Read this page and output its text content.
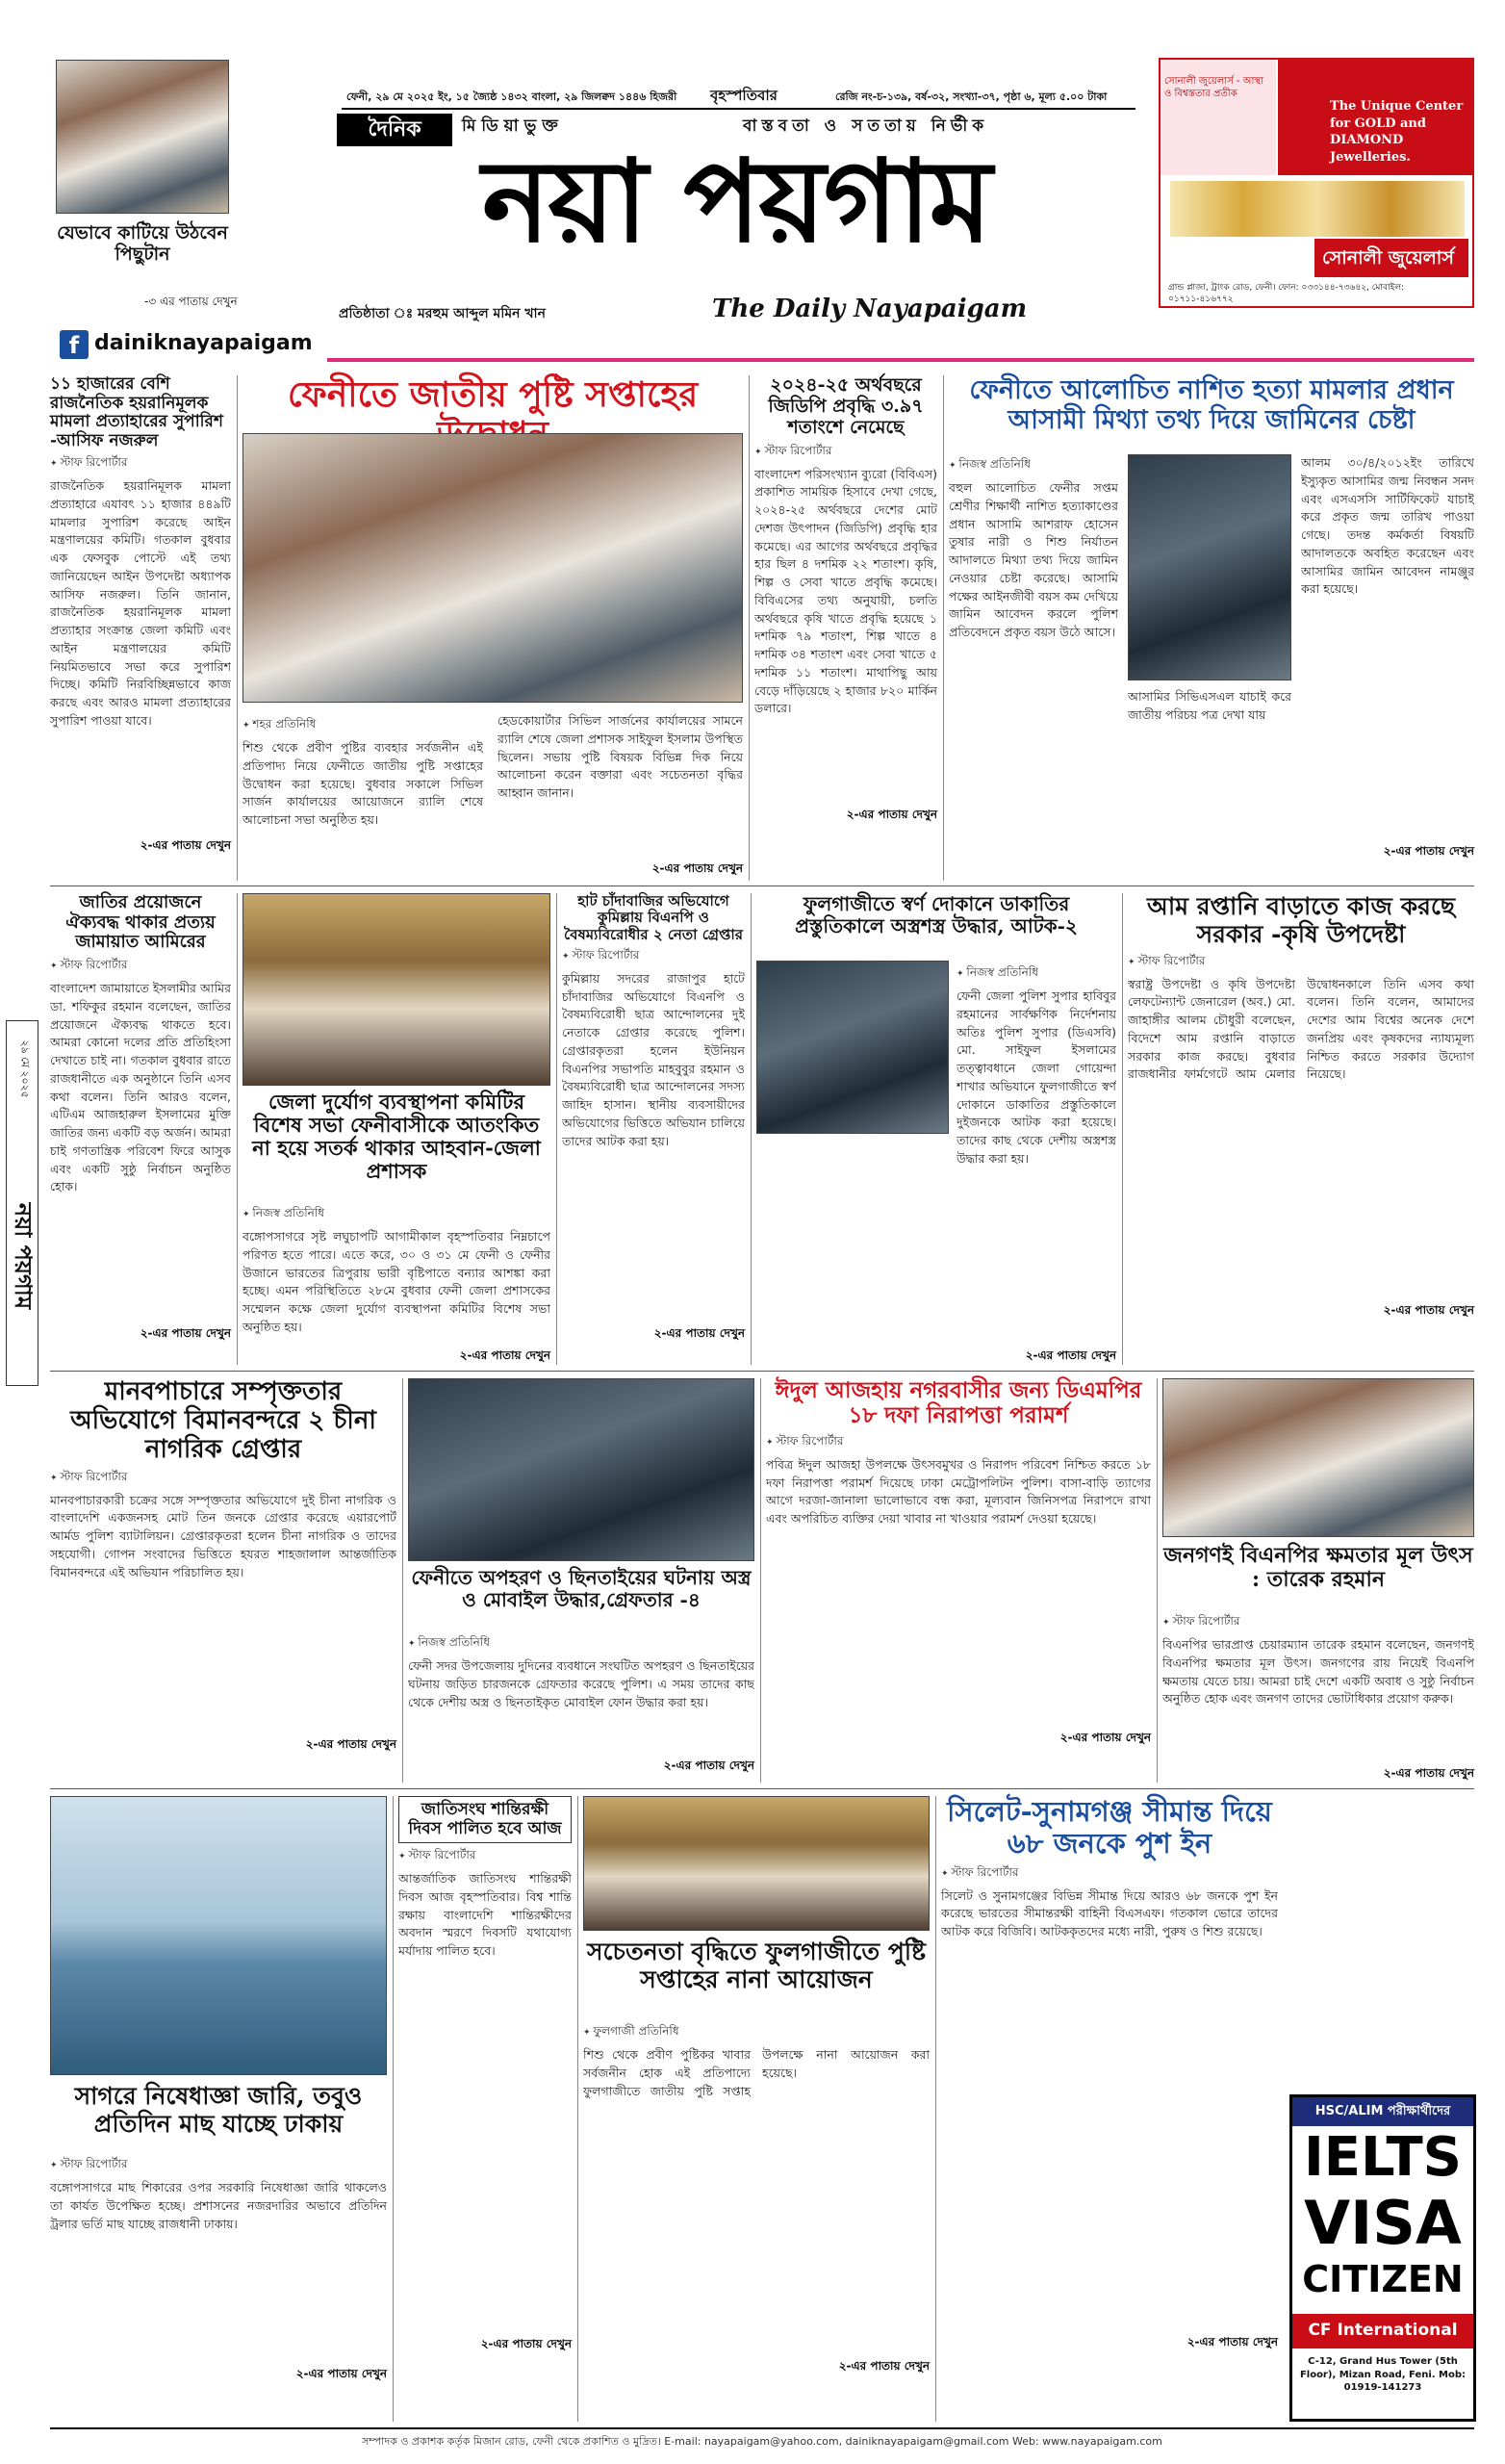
যেভাবে কাটিয়ে উঠবেন পিছুটান
-৩ এর পাতায় দেখুন
ফেনী, ২৯ মে ২০২৫ ইং, ১৫ জ্যৈষ্ঠ ১৪৩২ বাংলা, ২৯ জিলক্বদ ১৪৪৬ হিজরী বৃহস্পতিবার	রেজি নং-চ-১৩৯, বর্ষ-৩২, সংখ্যা-৩৭, পৃষ্ঠা ৬, মূল্য ৫.০০ টাকা
দৈনিক	মিডিয়াভুক্ত	বাস্তবতা ও সততায় নির্ভীক
নয়া পয়গাম
প্রতিষ্ঠাতা ঃ মরহুম আব্দুল মমিন খান	The Daily Nayapaigam
সোনালী জুয়েলার্স - আস্থা ও বিশ্বস্ততার প্রতীক
The Unique Center for GOLD and DIAMOND Jewelleries.
সোনালী জুয়েলার্স
গ্রান্ড প্লাজা, ট্রাংক রোড, ফেনী। ফোন: ০৩৩১৪৪-৭৩৬৪২, মোবাইল: ০১৭১১-৪১৬৭৭২
f dainiknayapaigam
২৯ মে ২০২৫
নয়া পয়গাম
১১ হাজারের বেশি রাজনৈতিক হয়রানিমূলক মামলা প্রত্যাহারের সুপারিশ -আসিফ নজরুল
✦ স্টাফ রিপোর্টার
রাজনৈতিক হয়রানিমূলক মামলা প্রত্যাহারে এযাবৎ ১১ হাজার ৪৪৯টি মামলার সুপারিশ করেছে আইন মন্ত্রণালয়ের কমিটি। গতকাল বুধবার এক ফেসবুক পোস্টে এই তথ্য জানিয়েছেন আইন উপদেষ্টা অধ্যাপক আসিফ নজরুল। তিনি জানান, রাজনৈতিক হয়রানিমূলক মামলা প্রত্যাহার সংক্রান্ত জেলা কমিটি এবং আইন মন্ত্রণালয়ের কমিটি নিয়মিতভাবে সভা করে সুপারিশ দিচ্ছে। কমিটি নিরবিচ্ছিন্নভাবে কাজ করছে এবং আরও মামলা প্রত্যাহারের সুপারিশ পাওয়া যাবে।
২-এর পাতায় দেখুন
ফেনীতে জাতীয় পুষ্টি সপ্তাহের
✦ শহর প্রতিনিধি
শিশু থেকে প্রবীণ পুষ্টির ব্যবহার সর্বজনীন এই প্রতিপাদ্য নিয়ে ফেনীতে জাতীয় পুষ্টি সপ্তাহের উদ্বোধন করা হয়েছে। বুধবার সকালে সিভিল সার্জন কার্যালয়ের আয়োজনে র‍্যালি শেষে আলোচনা সভা অনুষ্ঠিত হয়।
হেডকোয়ার্টার সিভিল সার্জনের কার্যালয়ের সামনে র‍্যালি শেষে জেলা প্রশাসক সাইফুল ইসলাম উপস্থিত ছিলেন। সভায় পুষ্টি বিষয়ক বিভিন্ন দিক নিয়ে আলোচনা করেন বক্তারা এবং সচেতনতা বৃদ্ধির আহ্বান জানান।
২-এর পাতায় দেখুন
২০২৪-২৫ অর্থবছরে জিডিপি প্রবৃদ্ধি ৩.৯৭ শতাংশে নেমেছে
✦ স্টাফ রিপোর্টার
বাংলাদেশ পরিসংখ্যান ব্যুরো (বিবিএস) প্রকাশিত সাময়িক হিসাবে দেখা গেছে, ২০২৪-২৫ অর্থবছরে দেশের মোট দেশজ উৎপাদন (জিডিপি) প্রবৃদ্ধি হার কমেছে। এর আগের অর্থবছরে প্রবৃদ্ধির হার ছিল ৪ দশমিক ২২ শতাংশ। কৃষি, শিল্প ও সেবা খাতে প্রবৃদ্ধি কমেছে। বিবিএসের তথ্য অনুযায়ী, চলতি অর্থবছরে কৃষি খাতে প্রবৃদ্ধি হয়েছে ১ দশমিক ৭৯ শতাংশ, শিল্প খাতে ৪ দশমিক ৩৪ শতাংশ এবং সেবা খাতে ৫ দশমিক ১১ শতাংশ। মাথাপিছু আয় বেড়ে দাঁড়িয়েছে ২ হাজার ৮২০ মার্কিন ডলারে।
২-এর পাতায় দেখুন
ফেনীতে আলোচিত নাশিত হত্যা মামলার প্রধান আসামী মিথ্যা তথ্য দিয়ে জামিনের চেষ্টা
✦ নিজস্ব প্রতিনিধি
বহুল আলোচিত ফেনীর সপ্তম শ্রেণীর শিক্ষার্থী নাশিত হত্যাকাণ্ডের প্রধান আসামি আশরাফ হোসেন তুষার নারী ও শিশু নির্যাতন আদালতে মিথ্যা তথ্য দিয়ে জামিন নেওয়ার চেষ্টা করেছে। আসামি পক্ষের আইনজীবী বয়স কম দেখিয়ে জামিন আবেদন করলে পুলিশ প্রতিবেদনে প্রকৃত বয়স উঠে আসে।
আসামির সিভিএসএল যাচাই করে জাতীয় পরিচয় পত্র দেখা যায়
আলম ৩০/৪/২০১২ইং তারিখে ইস্যুকৃত আসামির জন্ম নিবন্ধন সনদ এবং এসএসসি সার্টিফিকেট যাচাই করে প্রকৃত জন্ম তারিখ পাওয়া গেছে। তদন্ত কর্মকর্তা বিষয়টি আদালতকে অবহিত করেছেন এবং আসামির জামিন আবেদন নামঞ্জুর করা হয়েছে।
২-এর পাতায় দেখুন
জাতির প্রয়োজনে ঐক্যবদ্ধ থাকার প্রত্যয় জামায়াত আমিরের
✦ স্টাফ রিপোর্টার
বাংলাদেশ জামায়াতে ইসলামীর আমির ডা. শফিকুর রহমান বলেছেন, জাতির প্রয়োজনে ঐক্যবদ্ধ থাকতে হবে। আমরা কোনো দলের প্রতি প্রতিহিংসা দেখাতে চাই না। গতকাল বুধবার রাতে রাজধানীতে এক অনুষ্ঠানে তিনি এসব কথা বলেন। তিনি আরও বলেন, এটিএম আজহারুল ইসলামের মুক্তি জাতির জন্য একটি বড় অর্জন। আমরা চাই গণতান্ত্রিক পরিবেশ ফিরে আসুক এবং একটি সুষ্ঠু নির্বাচন অনুষ্ঠিত হোক।
২-এর পাতায় দেখুন
জেলা দুর্যোগ ব্যবস্থাপনা কমিটির বিশেষ সভা ফেনীবাসীকে আতংকিত না হয়ে সতর্ক থাকার আহবান-জেলা প্রশাসক
✦ নিজস্ব প্রতিনিধি
বঙ্গোপসাগরে সৃষ্ট লঘুচাপটি আগামীকাল বৃহস্পতিবার নিম্নচাপে পরিণত হতে পারে। এতে করে, ৩০ ও ৩১ মে ফেনী ও ফেনীর উজানে ভারতের ত্রিপুরায় ভারী বৃষ্টিপাতে বন্যার আশঙ্কা করা হচ্ছে। এমন পরিস্থিতিতে ২৮মে বুধবার ফেনী জেলা প্রশাসকের সম্মেলন কক্ষে জেলা দুর্যোগ ব্যবস্থাপনা কমিটির বিশেষ সভা অনুষ্ঠিত হয়।
২-এর পাতায় দেখুন
হাট চাঁদাবাজির অভিযোগে কুমিল্লায় বিএনপি ও বৈষম্যবিরোধীর ২ নেতা গ্রেপ্তার
✦ স্টাফ রিপোর্টার
কুমিল্লায় সদরের রাজাপুর হাটে চাঁদাবাজির অভিযোগে বিএনপি ও বৈষম্যবিরোধী ছাত্র আন্দোলনের দুই নেতাকে গ্রেপ্তার করেছে পুলিশ। গ্রেপ্তারকৃতরা হলেন ইউনিয়ন বিএনপির সভাপতি মাহবুবুর রহমান ও বৈষম্যবিরোধী ছাত্র আন্দোলনের সদস্য জাহিদ হাসান। স্থানীয় ব্যবসায়ীদের অভিযোগের ভিত্তিতে অভিযান চালিয়ে তাদের আটক করা হয়।
২-এর পাতায় দেখুন
ফুলগাজীতে স্বর্ণ দোকানে ডাকাতির প্রস্তুতিকালে অস্ত্রশস্ত্র উদ্ধার, আটক-২
✦ নিজস্ব প্রতিনিধি
ফেনী জেলা পুলিশ সুপার হাবিবুর রহমানের সার্বক্ষণিক নির্দেশনায় অতিঃ পুলিশ সুপার (ডিএসবি) মো. সাইফুল ইসলামের তত্ত্বাবধানে জেলা গোয়েন্দা শাখার অভিযানে ফুলগাজীতে স্বর্ণ দোকানে ডাকাতির প্রস্তুতিকালে দুইজনকে আটক করা হয়েছে। তাদের কাছ থেকে দেশীয় অস্ত্রশস্ত্র উদ্ধার করা হয়।
২-এর পাতায় দেখুন
আম রপ্তানি বাড়াতে কাজ করছে সরকার -কৃষি উপদেষ্টা
✦ স্টাফ রিপোর্টার
স্বরাষ্ট্র উপদেষ্টা ও কৃষি উপদেষ্টা লেফটেন্যান্ট জেনারেল (অব.) মো. জাহাঙ্গীর আলম চৌধুরী বলেছেন, বিদেশে আম রপ্তানি বাড়াতে সরকার কাজ করছে। বুধবার রাজধানীর ফার্মগেটে আম মেলার উদ্বোধনকালে তিনি এসব কথা বলেন। তিনি বলেন, আমাদের দেশের আম বিশ্বের অনেক দেশে জনপ্রিয় এবং কৃষকদের ন্যায্যমূল্য নিশ্চিত করতে সরকার উদ্যোগ নিয়েছে।
২-এর পাতায় দেখুন
মানবপাচারে সম্পৃক্ততার অভিযোগে বিমানবন্দরে ২ চীনা নাগরিক গ্রেপ্তার
✦ স্টাফ রিপোর্টার
মানবপাচারকারী চক্রের সঙ্গে সম্পৃক্ততার অভিযোগে দুই চীনা নাগরিক ও বাংলাদেশি একজনসহ মোট তিন জনকে গ্রেপ্তার করেছে এয়ারপোর্ট আর্মড পুলিশ ব্যাটালিয়ন। গ্রেপ্তারকৃতরা হলেন চীনা নাগরিক ও তাদের সহযোগী। গোপন সংবাদের ভিত্তিতে হযরত শাহজালাল আন্তর্জাতিক বিমানবন্দরে এই অভিযান পরিচালিত হয়।
২-এর পাতায় দেখুন
ফেনীতে অপহরণ ও ছিনতাইয়ের ঘটনায় অস্ত্র ও মোবাইল উদ্ধার,গ্রেফতার -৪
✦ নিজস্ব প্রতিনিধি
ফেনী সদর উপজেলায় দুদিনের ব্যবধানে সংঘটিত অপহরণ ও ছিনতাইয়ের ঘটনায় জড়িত চারজনকে গ্রেফতার করেছে পুলিশ। এ সময় তাদের কাছ থেকে দেশীয় অস্ত্র ও ছিনতাইকৃত মোবাইল ফোন উদ্ধার করা হয়।
২-এর পাতায় দেখুন
ঈদুল আজহায় নগরবাসীর জন্য ডিএমপির ১৮ দফা নিরাপত্তা পরামর্শ
✦ স্টাফ রিপোর্টার
পবিত্র ঈদুল আজহা উপলক্ষে উৎসবমুখর ও নিরাপদ পরিবেশ নিশ্চিত করতে ১৮ দফা নিরাপত্তা পরামর্শ দিয়েছে ঢাকা মেট্রোপলিটন পুলিশ। বাসা-বাড়ি ত্যাগের আগে দরজা-জানালা ভালোভাবে বন্ধ করা, মূল্যবান জিনিসপত্র নিরাপদে রাখা এবং অপরিচিত ব্যক্তির দেয়া খাবার না খাওয়ার পরামর্শ দেওয়া হয়েছে।
২-এর পাতায় দেখুন
জনগণই বিএনপির ক্ষমতার মূল উৎস : তারেক রহমান
✦ স্টাফ রিপোর্টার
বিএনপির ভারপ্রাপ্ত চেয়ারম্যান তারেক রহমান বলেছেন, জনগণই বিএনপির ক্ষমতার মূল উৎস। জনগণের রায় নিয়েই বিএনপি ক্ষমতায় যেতে চায়। আমরা চাই দেশে একটি অবাধ ও সুষ্ঠু নির্বাচন অনুষ্ঠিত হোক এবং জনগণ তাদের ভোটাধিকার প্রয়োগ করুক।
২-এর পাতায় দেখুন
সাগরে নিষেধাজ্ঞা জারি, তবুও প্রতিদিন মাছ যাচ্ছে ঢাকায়
✦ স্টাফ রিপোর্টার
বঙ্গোপসাগরে মাছ শিকারের ওপর সরকারি নিষেধাজ্ঞা জারি থাকলেও তা কার্যত উপেক্ষিত হচ্ছে। প্রশাসনের নজরদারির অভাবে প্রতিদিন ট্রলার ভর্তি মাছ যাচ্ছে রাজধানী ঢাকায়।
২-এর পাতায় দেখুন
জাতিসংঘ শান্তিরক্ষী দিবস পালিত হবে আজ
✦ স্টাফ রিপোর্টার
আন্তর্জাতিক জাতিসংঘ শান্তিরক্ষী দিবস আজ বৃহস্পতিবার। বিশ্ব শান্তি রক্ষায় বাংলাদেশি শান্তিরক্ষীদের অবদান স্মরণে দিবসটি যথাযোগ্য মর্যাদায় পালিত হবে।
২-এর পাতায় দেখুন
সচেতনতা বৃদ্ধিতে ফুলগাজীতে পুষ্টি সপ্তাহের নানা আয়োজন
✦ ফুলগাজী প্রতিনিধি
শিশু থেকে প্রবীণ পুষ্টিকর খাবার সর্বজনীন হোক এই প্রতিপাদ্যে ফুলগাজীতে জাতীয় পুষ্টি সপ্তাহ উপলক্ষে নানা আয়োজন করা হয়েছে।
২-এর পাতায় দেখুন
সিলেট-সুনামগঞ্জ সীমান্ত দিয়ে ৬৮ জনকে পুশ ইন
✦ স্টাফ রিপোর্টার
সিলেট ও সুনামগঞ্জের বিভিন্ন সীমান্ত দিয়ে আরও ৬৮ জনকে পুশ ইন করেছে ভারতের সীমান্তরক্ষী বাহিনী বিএসএফ। গতকাল ভোরে তাদের আটক করে বিজিবি। আটককৃতদের মধ্যে নারী, পুরুষ ও শিশু রয়েছে।
২-এর পাতায় দেখুন
HSC/ALIM পরীক্ষার্থীদের
IELTS
VISA
CITIZEN
CF International
C-12, Grand Hus Tower (5th Floor), Mizan Road, Feni. Mob: 01919-141273
সম্পাদক ও প্রকাশক কর্তৃক মিজান রোড, ফেনী থেকে প্রকাশিত ও মুদ্রিত। E-mail: nayapaigam@yahoo.com, dainiknayapaigam@gmail.com Web: www.nayapaigam.com
